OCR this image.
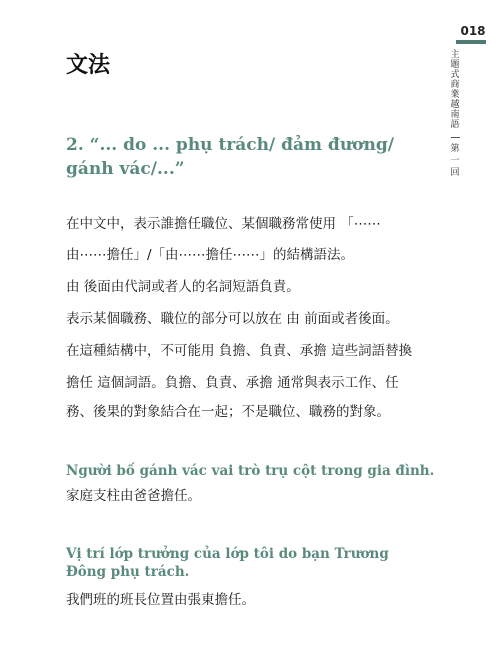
018
主題式商業越南語
第一回
文法
2. “... do ... phụ trách/ đảm đương/ gánh vác/...”

在中文中，表示誰擔任職位、某個職務常使用 「⋯⋯

由⋯⋯擔任」/「由⋯⋯擔任⋯⋯」的結構語法。

由 後面由代詞或者人的名詞短語負責。

表示某個職務、職位的部分可以放在 由 前面或者後面。

在這種結構中，不可能用 負擔、負責、承擔 這些詞語替換

擔任 這個詞語。負擔、負責、承擔 通常與表示工作、任

務、後果的對象結合在一起；不是職位、職務的對象。

Người bố gánh vác vai trò trụ cột trong gia đình.

家庭支柱由爸爸擔任。

Vị trí lớp trưởng của lớp tôi do bạn Trương Đông phụ trách.

我們班的班長位置由張東擔任。
